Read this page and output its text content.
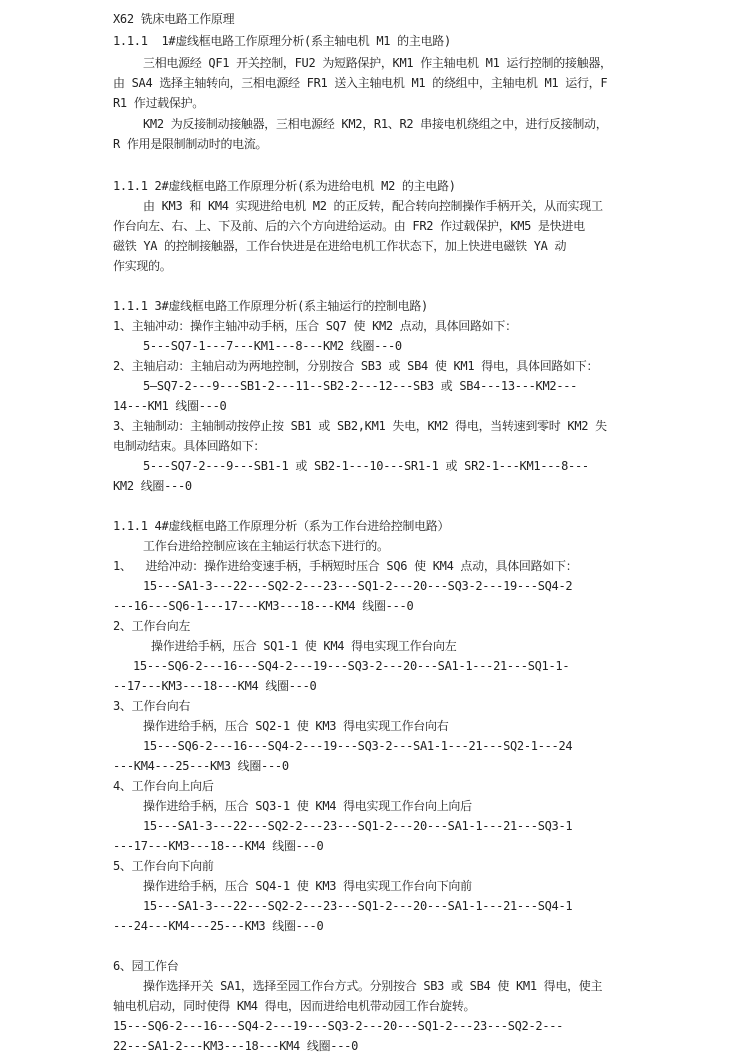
X62 铣床电路工作原理
1.1.1  1#虚线框电路工作原理分析(系主轴电机 M1 的主电路)
三相电源经 QF1 开关控制，FU2 为短路保护，KM1 作主轴电机 M1 运行控制的接触器，
由 SA4 选择主轴转向，三相电源经 FR1 送入主轴电机 M1 的绕组中，主轴电机 M1 运行，F
R1 作过载保护。
KM2 为反接制动接触器，三相电源经 KM2，R1、R2 串接电机绕组之中，进行反接制动，
R 作用是限制制动时的电流。
1.1.1 2#虚线框电路工作原理分析(系为进给电机 M2 的主电路)
由 KM3 和 KM4 实现进给电机 M2 的正反转，配合转向控制操作手柄开关，从而实现工
作台向左、右、上、下及前、后的六个方向进给运动。由 FR2 作过载保护，KM5 是快进电
磁铁 YA 的控制接触器，工作台快进是在进给电机工作状态下，加上快进电磁铁 YA 动
作实现的。
1.1.1 3#虚线框电路工作原理分析(系主轴运行的控制电路)
1、主轴冲动：操作主轴冲动手柄，压合 SQ7 使 KM2 点动，具体回路如下：
5---SQ7-1---7---KM1---8---KM2 线圈---0
2、主轴启动：主轴启动为两地控制，分别按合 SB3 或 SB4 使 KM1 得电，具体回路如下：
5—SQ7-2---9---SB1-2---11--SB2-2---12---SB3 或 SB4---13---KM2---
14---KM1 线圈---0
3、主轴制动：主轴制动按停止按 SB1 或 SB2,KM1 失电，KM2 得电，当转速到零时 KM2 失
电制动结束。具体回路如下：
5---SQ7-2---9---SB1-1 或 SB2-1---10---SR1-1 或 SR2-1---KM1---8---
KM2 线圈---0
1.1.1 4#虚线框电路工作原理分析（系为工作台进给控制电路）
工作台进给控制应该在主轴运行状态下进行的。
1、  进给冲动：操作进给变速手柄，手柄短时压合 SQ6 使 KM4 点动，具体回路如下：
15---SA1-3---22---SQ2-2---23---SQ1-2---20---SQ3-2---19---SQ4-2
---16---SQ6-1---17---KM3---18---KM4 线圈---0
2、工作台向左
操作进给手柄，压合 SQ1-1 使 KM4 得电实现工作台向左
15---SQ6-2---16---SQ4-2---19---SQ3-2---20---SA1-1---21---SQ1-1-
--17---KM3---18---KM4 线圈---0
3、工作台向右
操作进给手柄，压合 SQ2-1 使 KM3 得电实现工作台向右
15---SQ6-2---16---SQ4-2---19---SQ3-2---SA1-1---21---SQ2-1---24
---KM4---25---KM3 线圈---0
4、工作台向上向后
操作进给手柄，压合 SQ3-1 使 KM4 得电实现工作台向上向后
15---SA1-3---22---SQ2-2---23---SQ1-2---20---SA1-1---21---SQ3-1
---17---KM3---18---KM4 线圈---0
5、工作台向下向前
操作进给手柄，压合 SQ4-1 使 KM3 得电实现工作台向下向前
15---SA1-3---22---SQ2-2---23---SQ1-2---20---SA1-1---21---SQ4-1
---24---KM4---25---KM3 线圈---0
6、园工作台
操作选择开关 SA1，选择至园工作台方式。分别按合 SB3 或 SB4 使 KM1 得电，使主
轴电机启动，同时使得 KM4 得电，因而进给电机带动园工作台旋转。
15---SQ6-2---16---SQ4-2---19---SQ3-2---20---SQ1-2---23---SQ2-2---
22---SA1-2---KM3---18---KM4 线圈---0
